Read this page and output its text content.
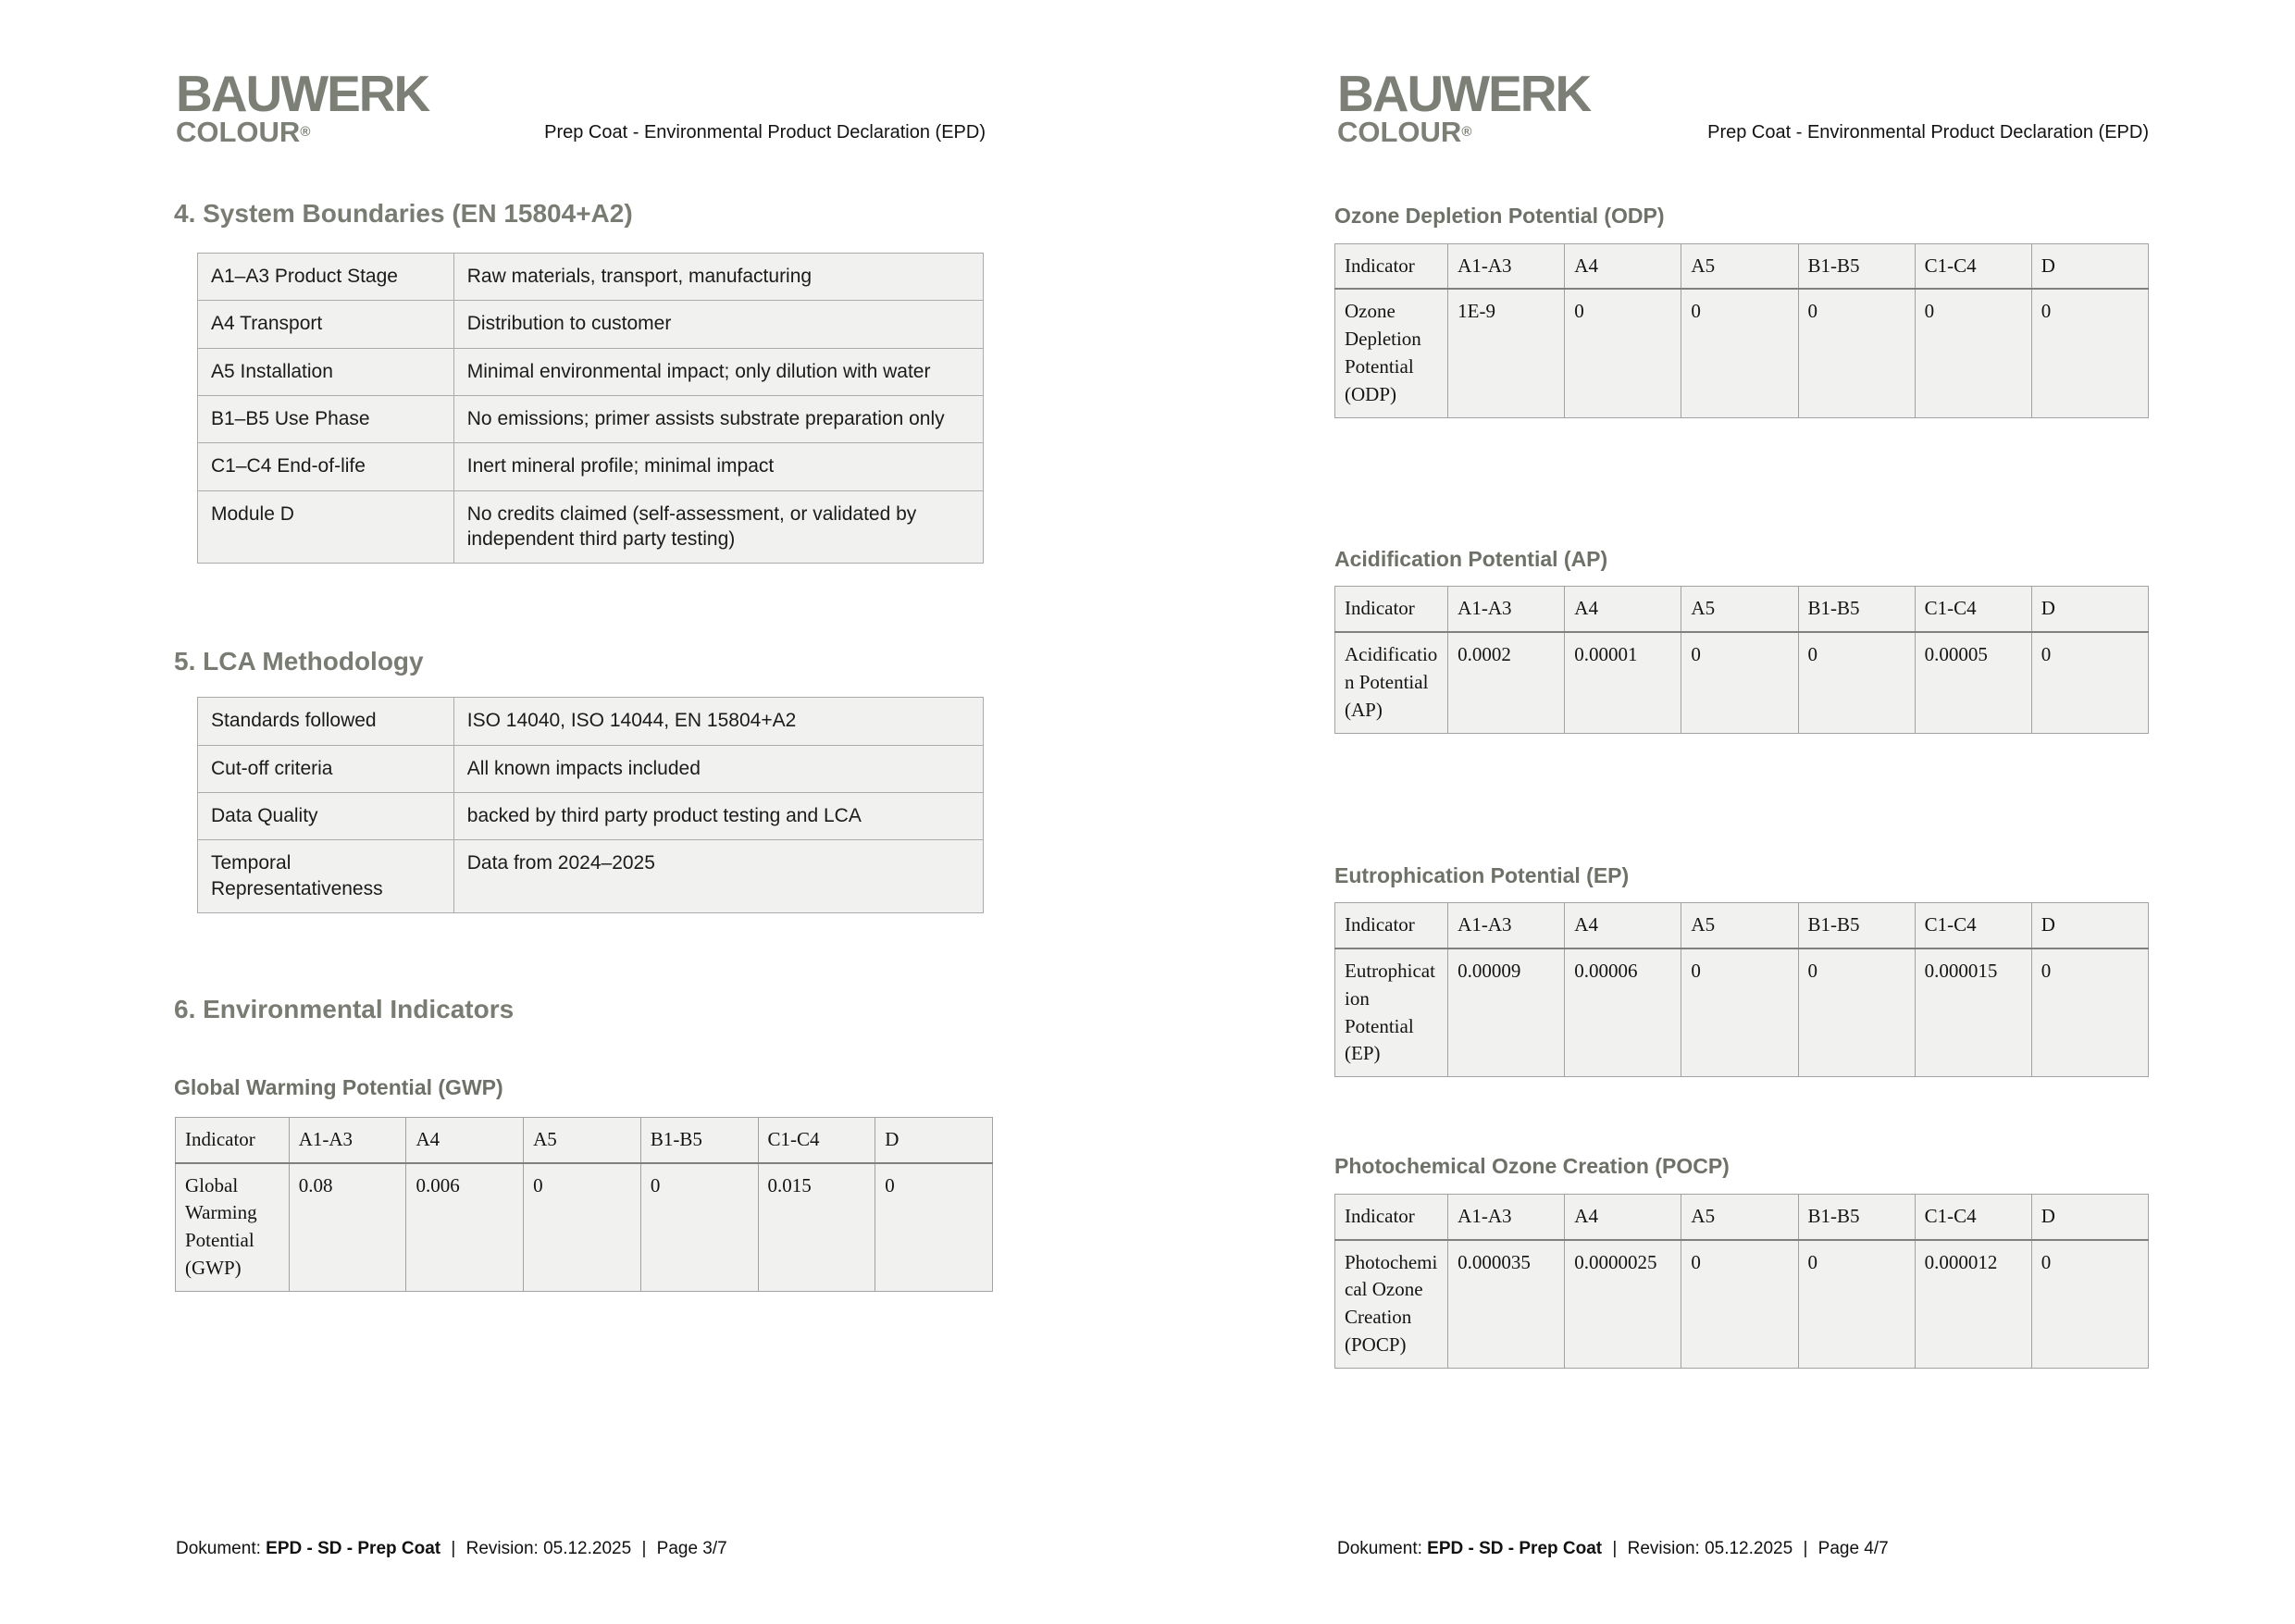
BAUWERK
COLOUR®	Prep Coat - Environmental Product Declaration (EPD)
4. System Boundaries (EN 15804+A2)
A1–A3 Product Stage	Raw materials, transport, manufacturing
A4 Transport	Distribution to customer
A5 Installation	Minimal environmental impact; only dilution with water
B1–B5 Use Phase	No emissions; primer assists substrate preparation only
C1–C4 End-of-life	Inert mineral profile; minimal impact
Module D	No credits claimed (self-assessment, or validated by independent third party testing)
5. LCA Methodology
Standards followed	ISO 14040, ISO 14044, EN 15804+A2
Cut-off criteria	All known impacts included
Data Quality	backed by third party product testing and LCA
Temporal Representativeness	Data from 2024–2025
6. Environmental Indicators
Global Warming Potential (GWP)
Indicator	A1-A3	A4	A5	B1-B5	C1-C4	D
Global Warming Potential (GWP)	0.08	0.006	0	0	0.015	0
Dokument: EPD - SD - Prep Coat | Revision: 05.12.2025 | Page 3/7
BAUWERK
COLOUR®	Prep Coat - Environmental Product Declaration (EPD)
Ozone Depletion Potential (ODP)
Indicator	A1-A3	A4	A5	B1-B5	C1-C4	D
Ozone Depletion Potential (ODP)	1E-9	0	0	0	0	0
Acidification Potential (AP)
Indicator	A1-A3	A4	A5	B1-B5	C1-C4	D
Acidification Potential (AP)	0.0002	0.00001	0	0	0.00005	0
Eutrophication Potential (EP)
Indicator	A1-A3	A4	A5	B1-B5	C1-C4	D
Eutrophication Potential (EP)	0.00009	0.00006	0	0	0.000015	0
Photochemical Ozone Creation (POCP)
Indicator	A1-A3	A4	A5	B1-B5	C1-C4	D
Photochemical Ozone Creation (POCP)	0.000035	0.0000025	0	0	0.000012	0
Dokument: EPD - SD - Prep Coat | Revision: 05.12.2025 | Page 4/7
